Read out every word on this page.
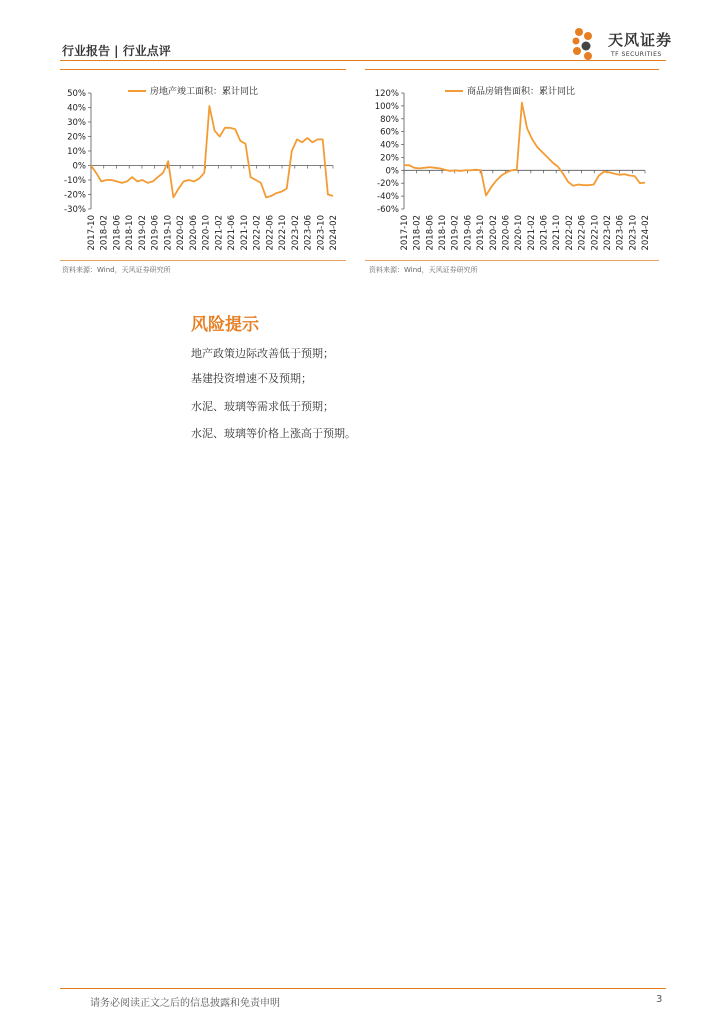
行业报告 | 行业点评
天风证券
TF SECURITIES
50%
40%
30%
20%
10%
0%
-10%
-20%
-30%
2017-10 2018-02 2018-06 2018-10 2019-02 2019-06 2019-10 2020-02 2020-06 2020-10 2021-02 2021-06 2021-10 2022-02 2022-06 2022-10 2023-02 2023-06 2023-10 2024-02
房地产竣工面积：累计同比	120%
100%
80%
60%
40%
20%
0%
-20%
-40%
-60%
2017-10 2018-02 2018-06 2018-10 2019-02 2019-06 2019-10 2020-02 2020-06 2020-10 2021-02 2021-06 2021-10 2022-02 2022-06 2022-10 2023-02 2023-06 2023-10 2024-02
商品房销售面积：累计同比
资料来源：Wind，天风证券研究所	资料来源：Wind，天风证券研究所
风险提示
地产政策边际改善低于预期；
基建投资增速不及预期；
水泥、玻璃等需求低于预期；
水泥、玻璃等价格上涨高于预期。
请务必阅读正文之后的信息披露和免责申明	3
